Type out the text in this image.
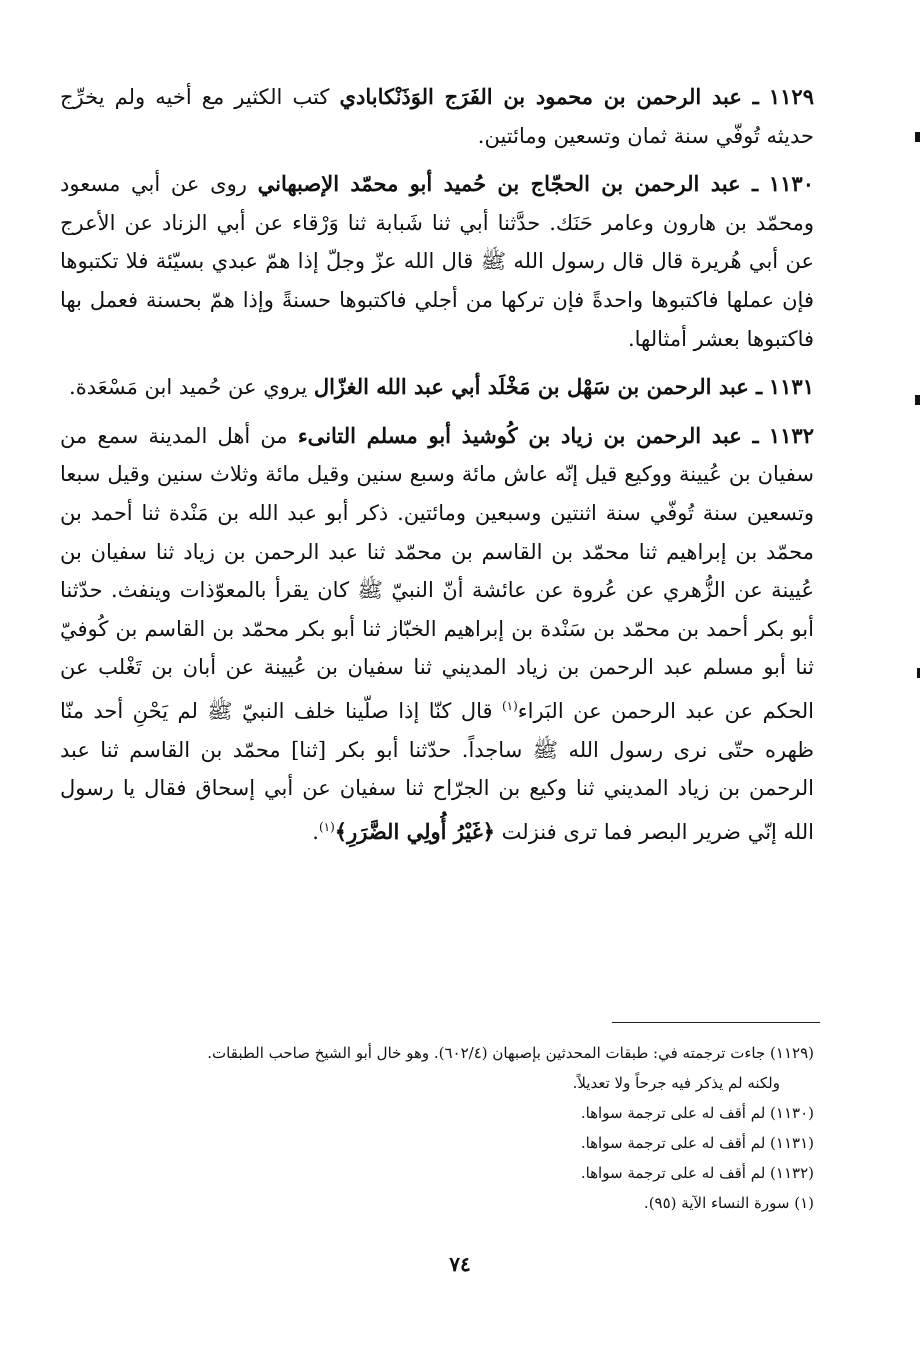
١١٢٩ ـ عبد الرحمن بن محمود بن الفَرَج الوَذَنْكابادي كتب الكثير مع أخيه ولم يخرِّج حديثه تُوفّي سنة ثمان وتسعين ومائتين.

١١٣٠ ـ عبد الرحمن بن الحجّاج بن حُميد أبو محمّد الإصبهاني روى عن أبي مسعود ومحمّد بن هارون وعامر حَنَك. حدَّثنا أبي ثنا شَبابة ثنا وَرْقاء عن أبي الزناد عن الأعرج عن أبي هُريرة قال قال رسول الله ﷺ قال الله عزّ وجلّ إذا همّ عبدي بسيّئة فلا تكتبوها فإن عملها فاكتبوها واحدةً فإن تركها من أجلي فاكتبوها حسنةً وإذا همّ بحسنة فعمل بها فاكتبوها بعشر أمثالها.

١١٣١ ـ عبد الرحمن بن سَهْل بن مَخْلَد أبي عبد الله الغزّال يروي عن حُميد ابن مَسْعَدة.

١١٣٢ ـ عبد الرحمن بن زياد بن كُوشيذ أبو مسلم التانىء من أهل المدينة سمع من سفيان بن عُيينة ووكيع قيل إنّه عاش مائة وسبع سنين وقيل مائة وثلاث سنين وقيل سبعا وتسعين سنة تُوفّي سنة اثنتين وسبعين ومائتين. ذكر أبو عبد الله بن مَنْدة ثنا أحمد بن محمّد بن إبراهيم ثنا محمّد بن القاسم بن محمّد ثنا عبد الرحمن بن زياد ثنا سفيان بن عُيينة عن الزُّهري عن عُروة عن عائشة أنّ النبيّ ﷺ كان يقرأ بالمعوّذات وينفث. حدّثنا أبو بكر أحمد بن محمّد بن سَنْدة بن إبراهيم الخبّاز ثنا أبو بكر محمّد بن القاسم بن كُوفيّ ثنا أبو مسلم عبد الرحمن بن زياد المديني ثنا سفيان بن عُيينة عن أبان بن تَغْلب عن الحكم عن عبد الرحمن عن البَراء$^{(١)}$ قال كنّا إذا صلّينا خلف النبيّ ﷺ لم يَحْنِ أحد منّا ظهره حتّى نرى رسول الله ﷺ ساجداً. حدّثنا أبو بكر [ثنا] محمّد بن القاسم ثنا عبد الرحمن بن زياد المديني ثنا وكيع بن الجرّاح ثنا سفيان عن أبي إسحاق فقال يا رسول الله إنّي ضرير البصر فما ترى فنزلت ﴿غَيْرُ أُولِي الضَّرَرِ﴾$^{(١)}$.

(١١٢٩) جاءت ترجمته في: طبقات المحدثين بإصبهان (٦٠٢/٤). وهو خال أبو الشيخ صاحب الطبقات.

ولكنه لم يذكر فيه جرحاً ولا تعديلاً.

(١١٣٠) لم أقف له على ترجمة سواها.

(١١٣١) لم أقف له على ترجمة سواها.

(١١٣٢) لم أقف له على ترجمة سواها.

(١) سورة النساء الآية (٩٥).

٧٤
